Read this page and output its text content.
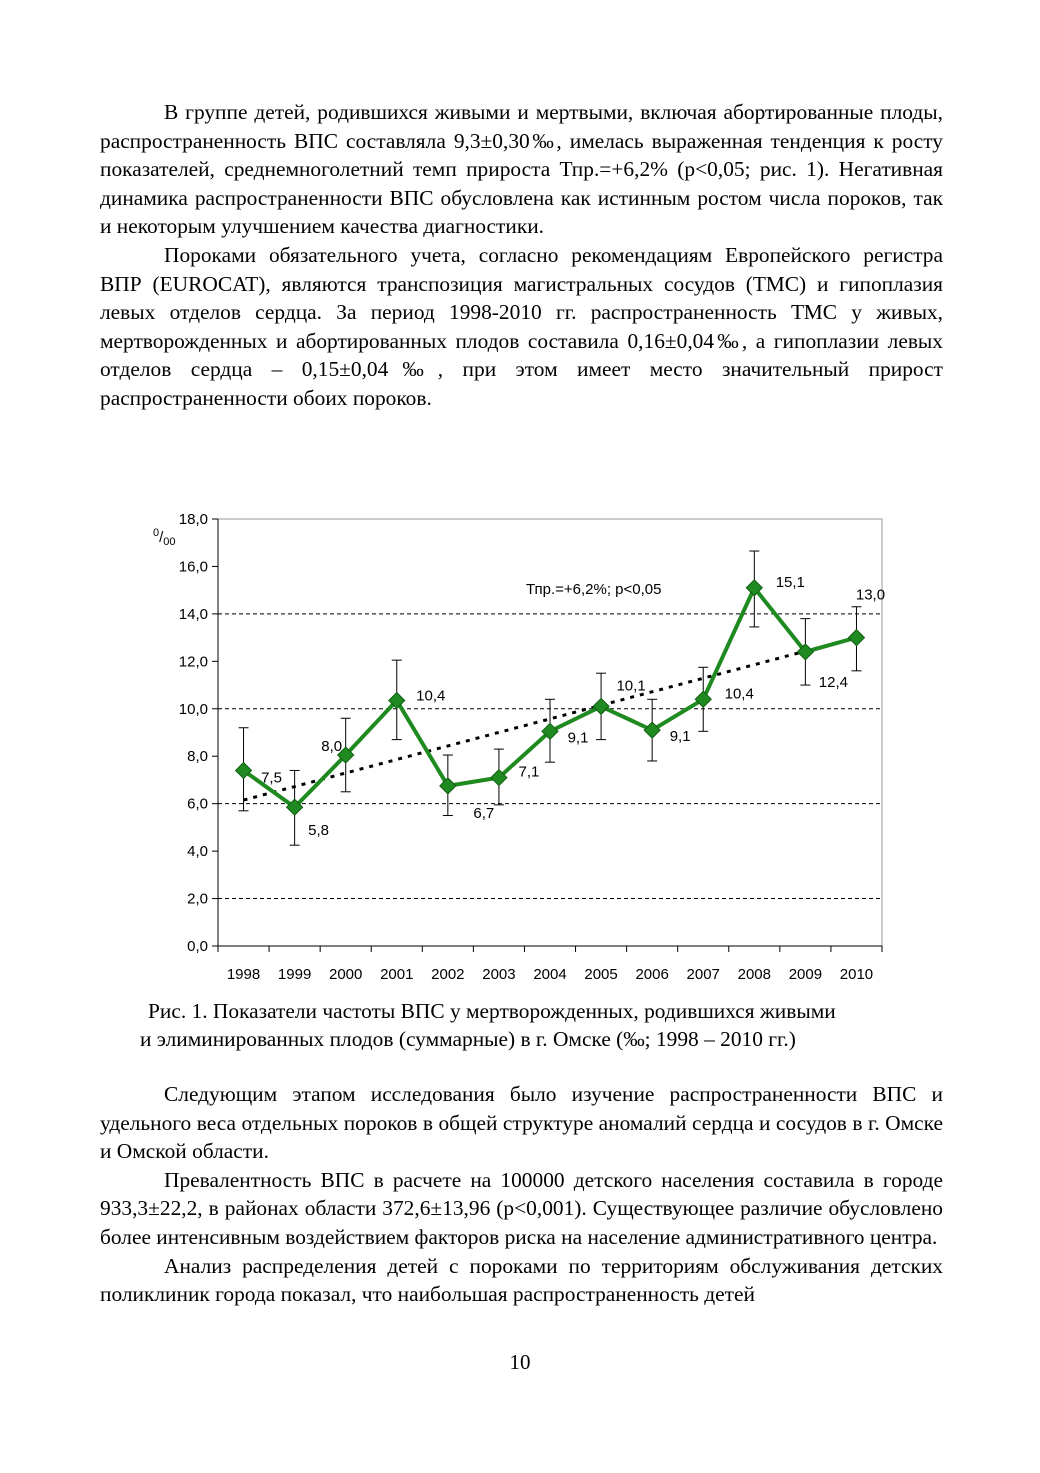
В группе детей, родившихся живыми и мертвыми, включая абортированные плоды, распространенность ВПС составляла 9,3±0,30‰, имелась выраженная тенденция к росту показателей, среднемноголетний темп прироста Тпр.=+6,2% (р<0,05; рис. 1). Негативная динамика распространенности ВПС обусловлена как истинным ростом числа пороков, так и некоторым улучшением качества диагностики.

Пороками обязательного учета, согласно рекомендациям Европейского регистра ВПР (EUROCAT), являются транспозиция магистральных сосудов (ТМС) и гипоплазия левых отделов сердца. За период 1998-2010 гг. распространенность ТМС у живых, мертворожденных и абортированных плодов составила 0,16±0,04‰, а гипоплазии левых отделов сердца – 0,15±0,04‰, при этом имеет место значительный прирост распространенности обоих пороков.

0,0
2,0
4,0
6,0
8,0
10,0
12,0
14,0
16,0
18,0
$^0/_{00}$
1998 1999 2000 2001 2002 2003 2004 2005 2006 2007 2008 2009 2010
7,5
5,8
8,0
10,4
6,7
7,1
9,1
10,1
9,1
10,4
15,1
12,4
13,0
Тпр.=+6,2%; р<0,05
Рис. 1. Показатели частоты ВПС у мертворожденных, родившихся живыми
и элиминированных плодов (суммарные) в г. Омске (‰; 1998 – 2010 гг.)

Следующим этапом исследования было изучение распространенности ВПС и удельного веса отдельных пороков в общей структуре аномалий сердца и сосудов в г. Омске и Омской области.

Превалентность ВПС в расчете на 100000 детского населения составила в городе 933,3±22,2, в районах области 372,6±13,96 (р<0,001). Существующее различие обусловлено более интенсивным воздействием факторов риска на население административного центра.

Анализ распределения детей с пороками по территориям обслуживания детских поликлиник города показал, что наибольшая распространенность детей

10
